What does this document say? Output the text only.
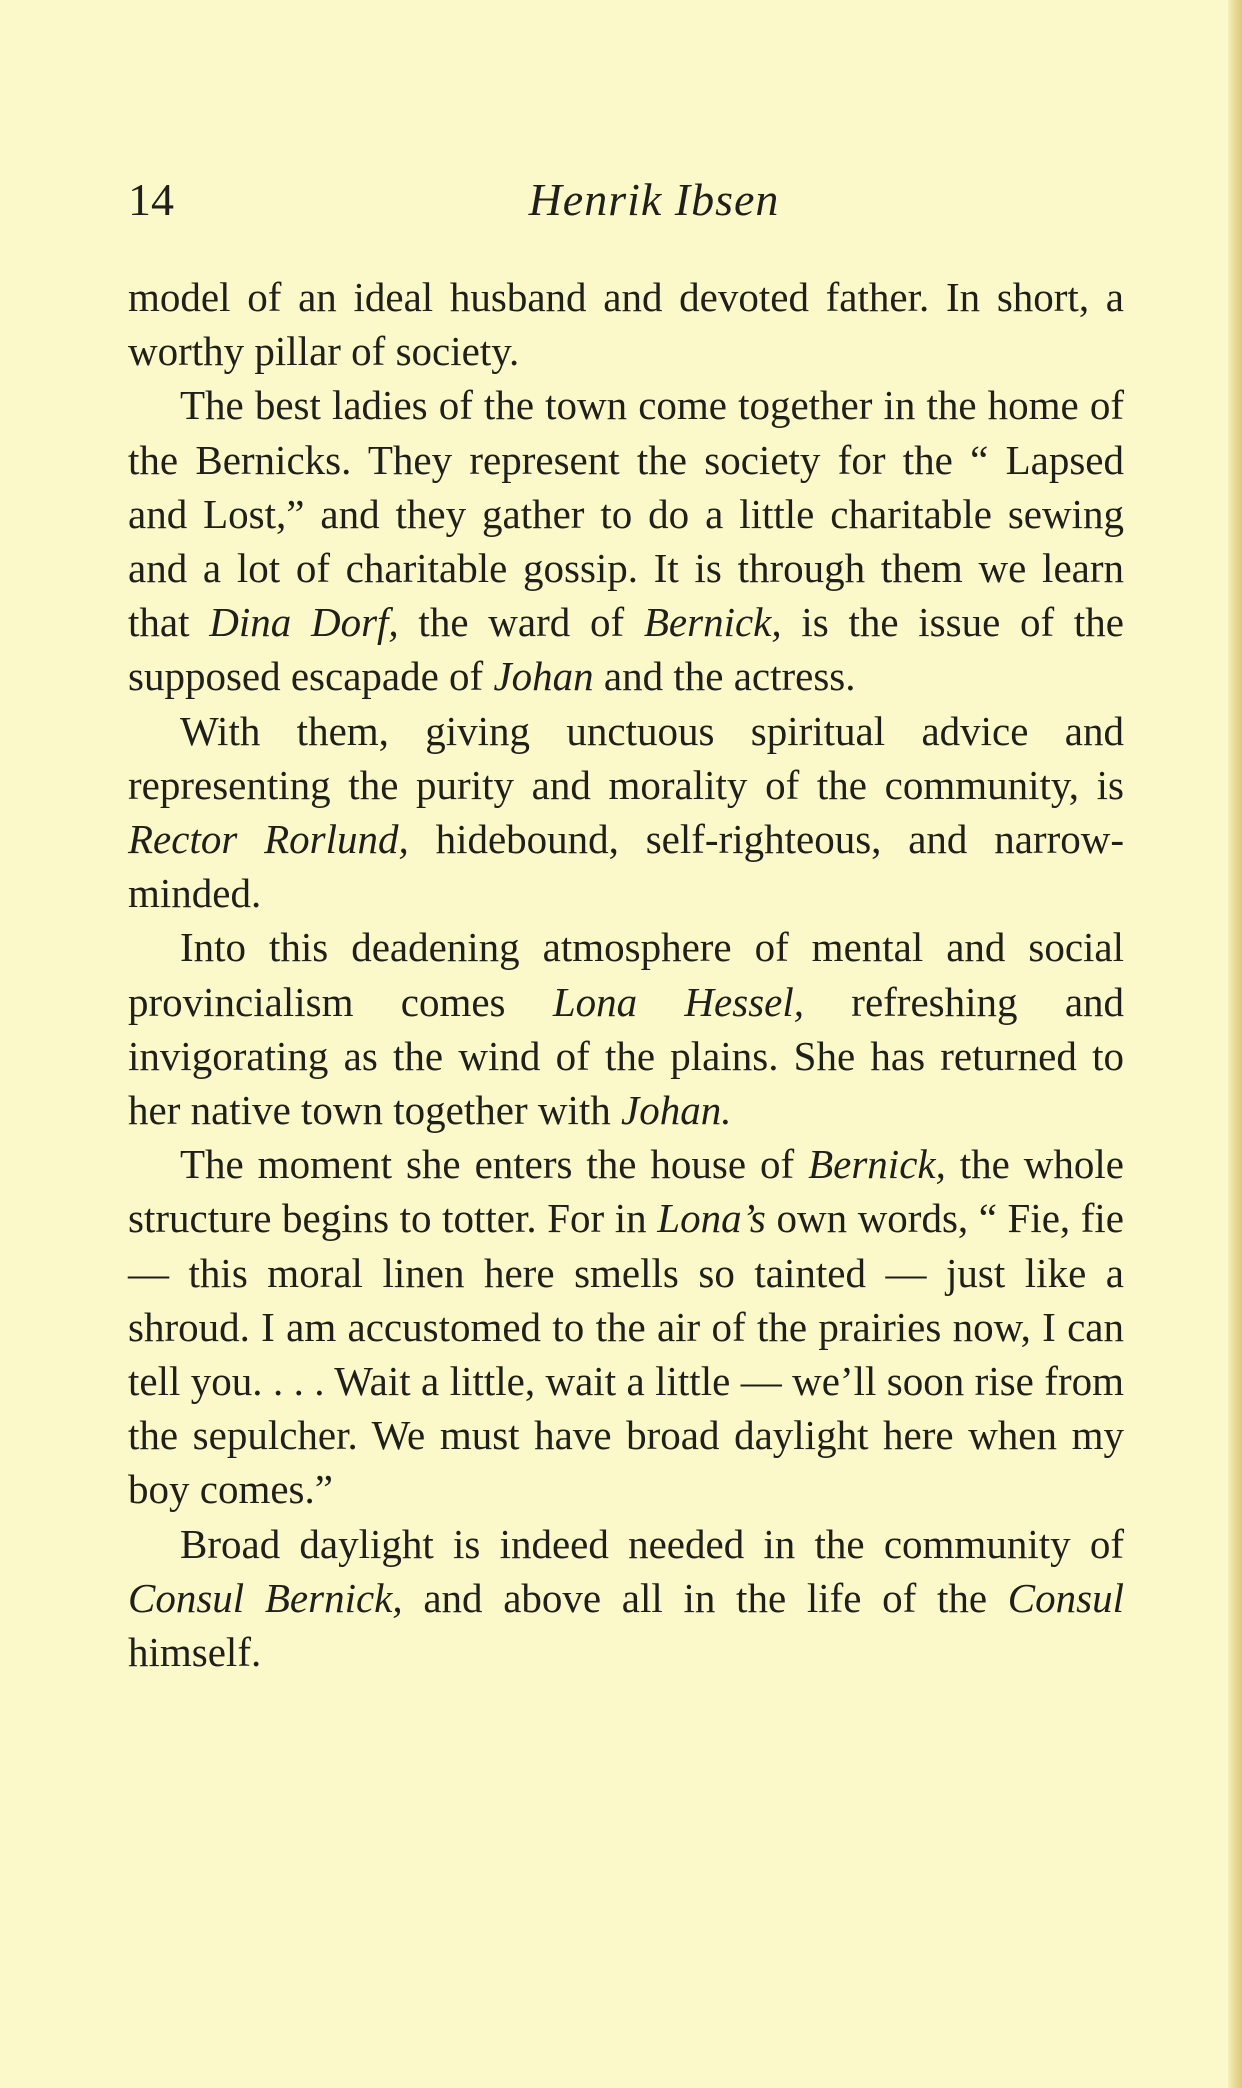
14	Henrik Ibsen

model of an ideal husband and devoted father. In short, a worthy pillar of society.

The best ladies of the town come together in the home of the Bernicks. They represent the society for the “ Lapsed and Lost,” and they gather to do a little charitable sewing and a lot of charitable gossip. It is through them we learn that Dina Dorf, the ward of Bernick, is the issue of the supposed escapade of Johan and the actress.

With them, giving unctuous spiritual advice and representing the purity and morality of the community, is Rector Rorlund, hidebound, self-righteous, and narrow-minded.

Into this deadening atmosphere of mental and social provincialism comes Lona Hessel, refreshing and invigorating as the wind of the plains. She has returned to her native town together with Johan.

The moment she enters the house of Bernick, the whole structure begins to totter. For in Lona’s own words, “ Fie, fie — this moral linen here smells so tainted — just like a shroud. I am accustomed to the air of the prairies now, I can tell you. . . . Wait a little, wait a little — we’ll soon rise from the sepulcher. We must have broad daylight here when my boy comes.”

Broad daylight is indeed needed in the community of Consul Bernick, and above all in the life of the Consul himself.
